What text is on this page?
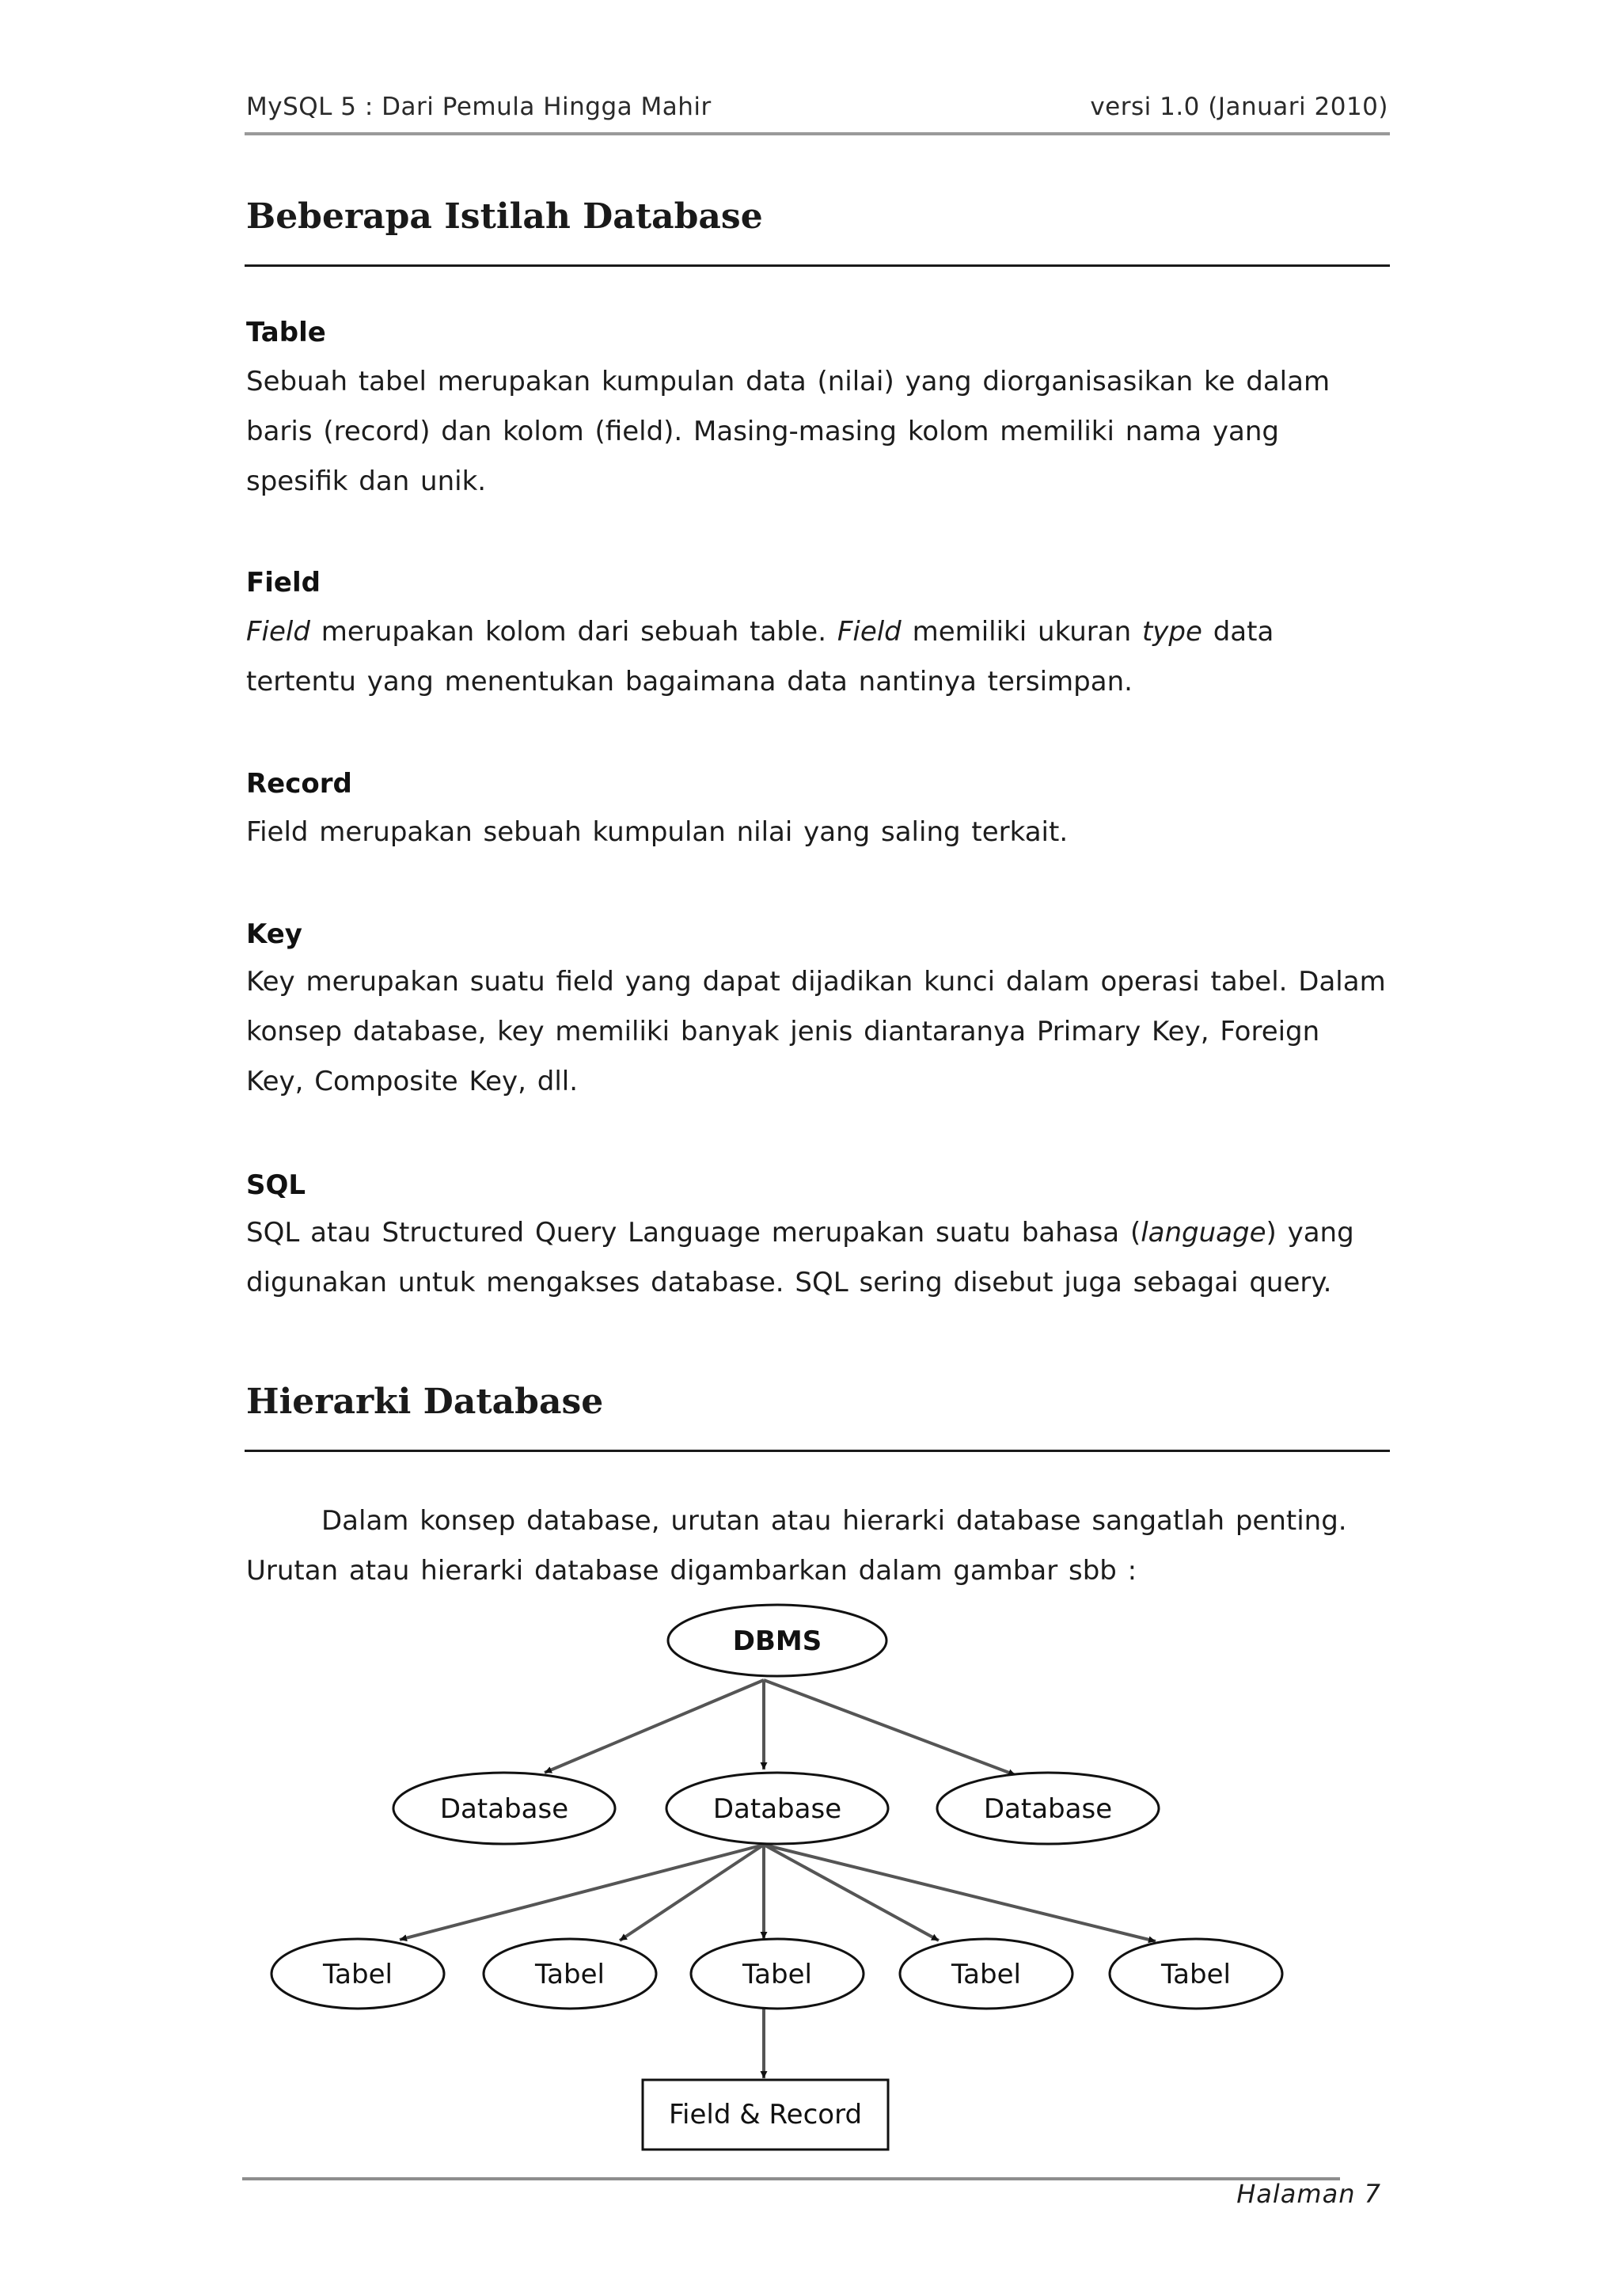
MySQL 5 : Dari Pemula Hingga Mahir	versi 1.0 (Januari 2010)
Beberapa Istilah Database
Table

Sebuah tabel merupakan kumpulan data (nilai) yang diorganisasikan ke dalam baris (record) dan kolom (field). Masing-masing kolom memiliki nama yang spesifik dan unik.

Field

Field merupakan kolom dari sebuah table. Field memiliki ukuran type data tertentu yang menentukan bagaimana data nantinya tersimpan.

Record

Field merupakan sebuah kumpulan nilai yang saling terkait.

Key

Key merupakan suatu field yang dapat dijadikan kunci dalam operasi tabel. Dalam konsep database, key memiliki banyak jenis diantaranya Primary Key, Foreign Key, Composite Key, dll.

SQL

SQL atau Structured Query Language merupakan suatu bahasa (language) yang digunakan untuk mengakses database. SQL sering disebut juga sebagai query.

Hierarki Database

Dalam konsep database, urutan atau hierarki database sangatlah penting. Urutan atau hierarki database digambarkan dalam gambar sbb :

DBMS
Database	Database	Database
Tabel	Tabel	Tabel	Tabel	Tabel
Field & Record
Halaman 7
